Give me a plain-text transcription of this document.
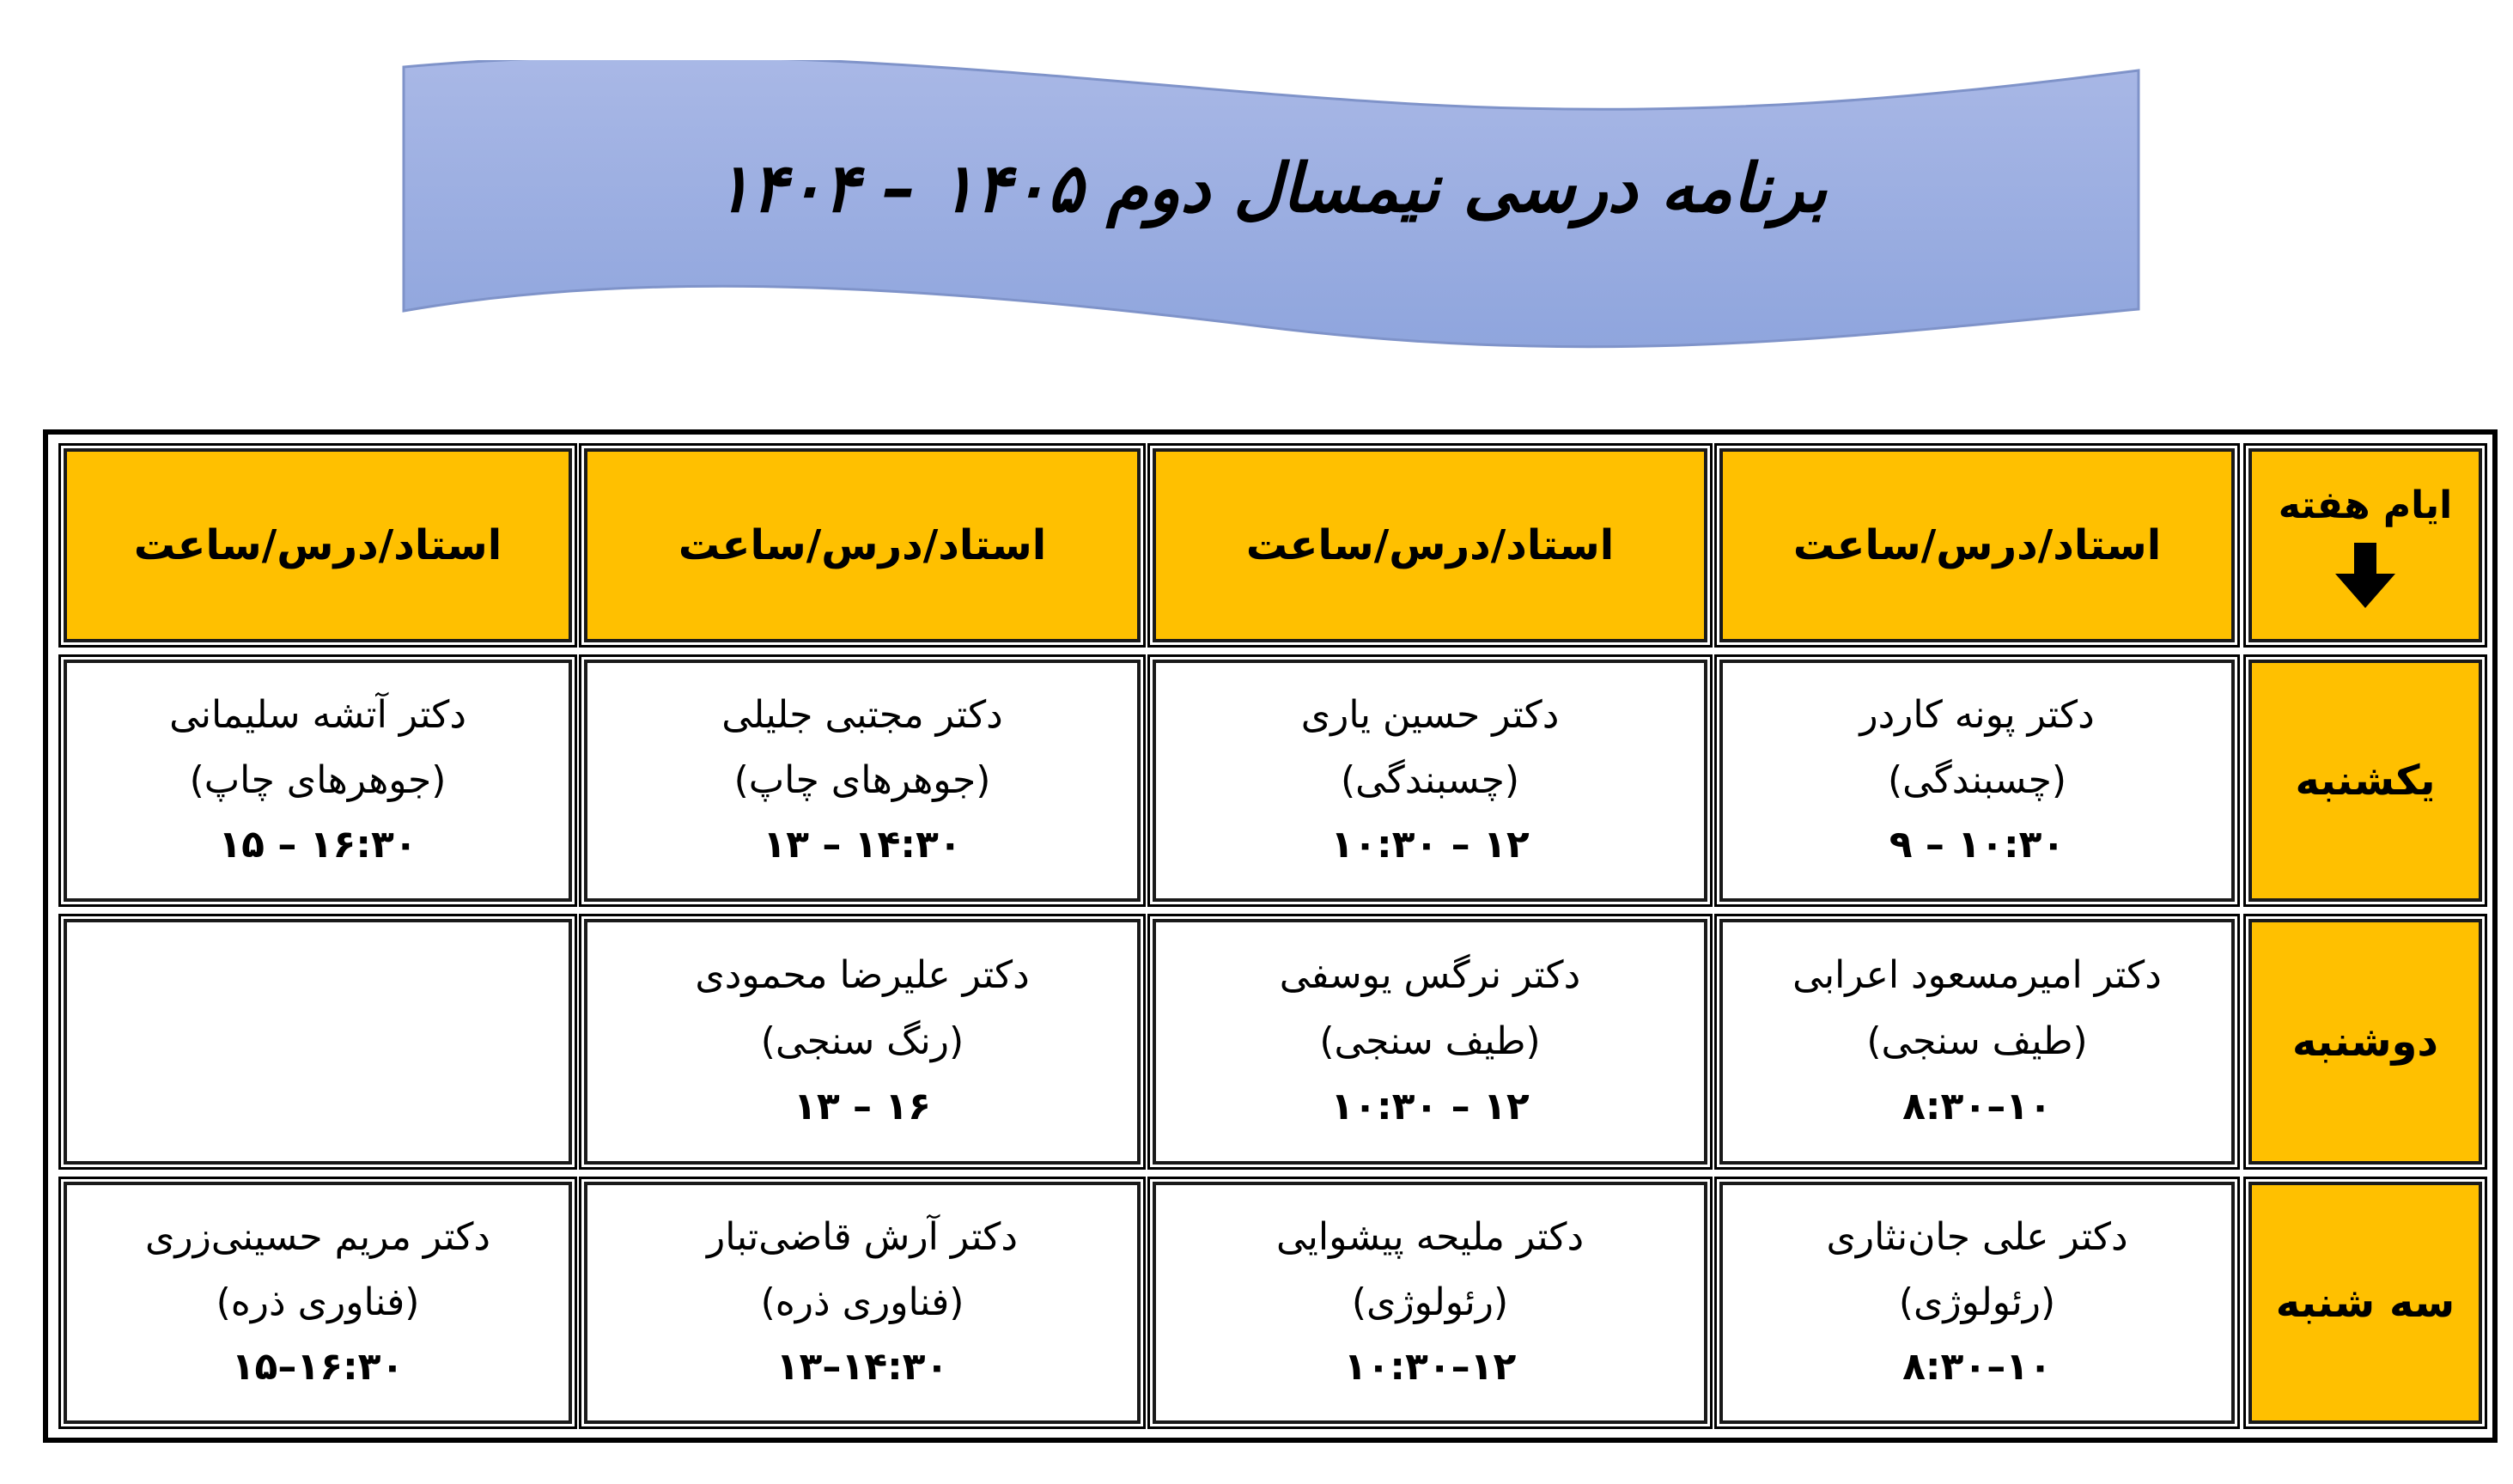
برنامه درسی نیمسال دوم ۱۴۰۵ – ۱۴۰۴
ایام هفته
استاد/درس/ساعت
استاد/درس/ساعت
استاد/درس/ساعت
استاد/درس/ساعت
یکشنبه
دکتر پونه کاردر
(چسبندگی)
۹ – ۱۰:۳۰
دکتر حسین یاری
(چسبندگی)
۱۰:۳۰ – ۱۲
دکتر مجتبی جلیلی
(جوهرهای چاپ)
۱۳ – ۱۴:۳۰
دکتر آتشه سلیمانی
(جوهرهای چاپ)
۱۵ – ۱۶:۳۰
دوشنبه
دکتر امیرمسعود اعرابی
(طیف سنجی)
۸:۳۰–۱۰
دکتر نرگس یوسفی
(طیف سنجی)
۱۰:۳۰ – ۱۲
دکتر علیرضا محمودی
(رنگ سنجی)
۱۳ – ۱۶
سه شنبه
دکتر علی جان‌نثاری
(رئولوژی)
۸:۳۰–۱۰
دکتر ملیحه پیشوایی
(رئولوژی)
۱۰:۳۰–۱۲
دکتر آرش قاضی‌تبار
(فناوری ذره)
۱۳–۱۴:۳۰
دکتر مریم حسینی‌زری
(فناوری ذره)
۱۵–۱۶:۳۰
